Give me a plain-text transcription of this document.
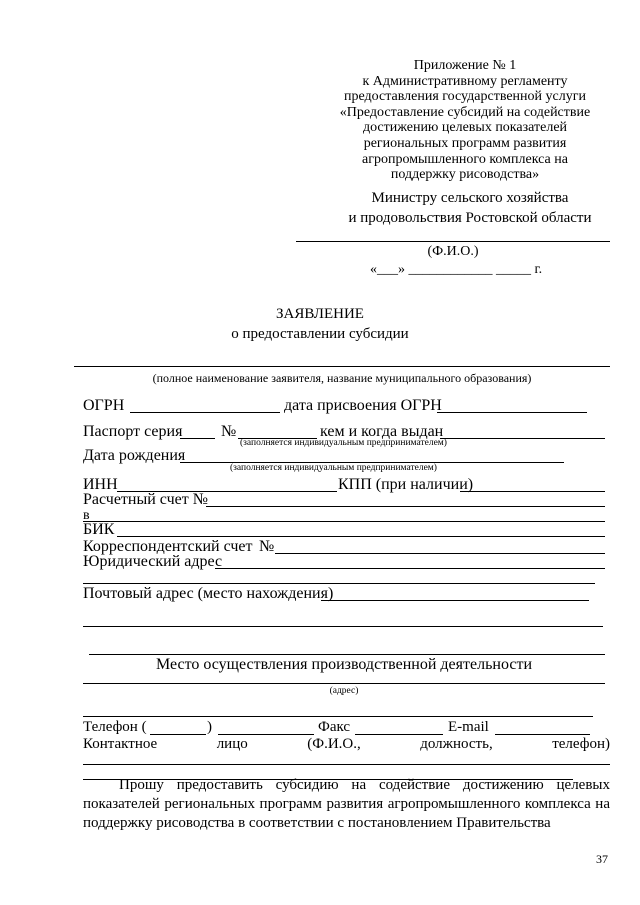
Приложение № 1
к Административному регламенту
предоставления государственной услуги
«Предоставление субсидий на содействие
достижению целевых показателей
региональных программ развития
агропромышленного комплекса на
поддержку рисоводства»
Министру сельского хозяйства
и продовольствия Ростовской области
(Ф.И.О.)
«___» ____________ _____ г.
ЗАЯВЛЕНИЕ
о предоставлении субсидии
(полное наименование заявителя, название муниципального образования)
ОГРН	дата присвоения ОГРН
Паспорт серия №	кем и когда выдан
(заполняется индивидуальным предпринимателем)
Дата рождения
(заполняется индивидуальным предпринимателем)
ИНН	КПП (при наличии)
Расчетный счет №
в
БИК
Корреспондентский счет №
Юридический адрес
Почтовый адрес (место нахождения)
Место осуществления производственной деятельности
(адрес)
Телефон (	)	Факс	E-mail
Контактное	лицо	(Ф.И.О.,	должность,	телефон)

Прошу предоставить субсидию на содействие достижению целевых показателей региональных программ развития агропромышленного комплекса на поддержку рисоводства в соответствии с постановлением Правительства

37
